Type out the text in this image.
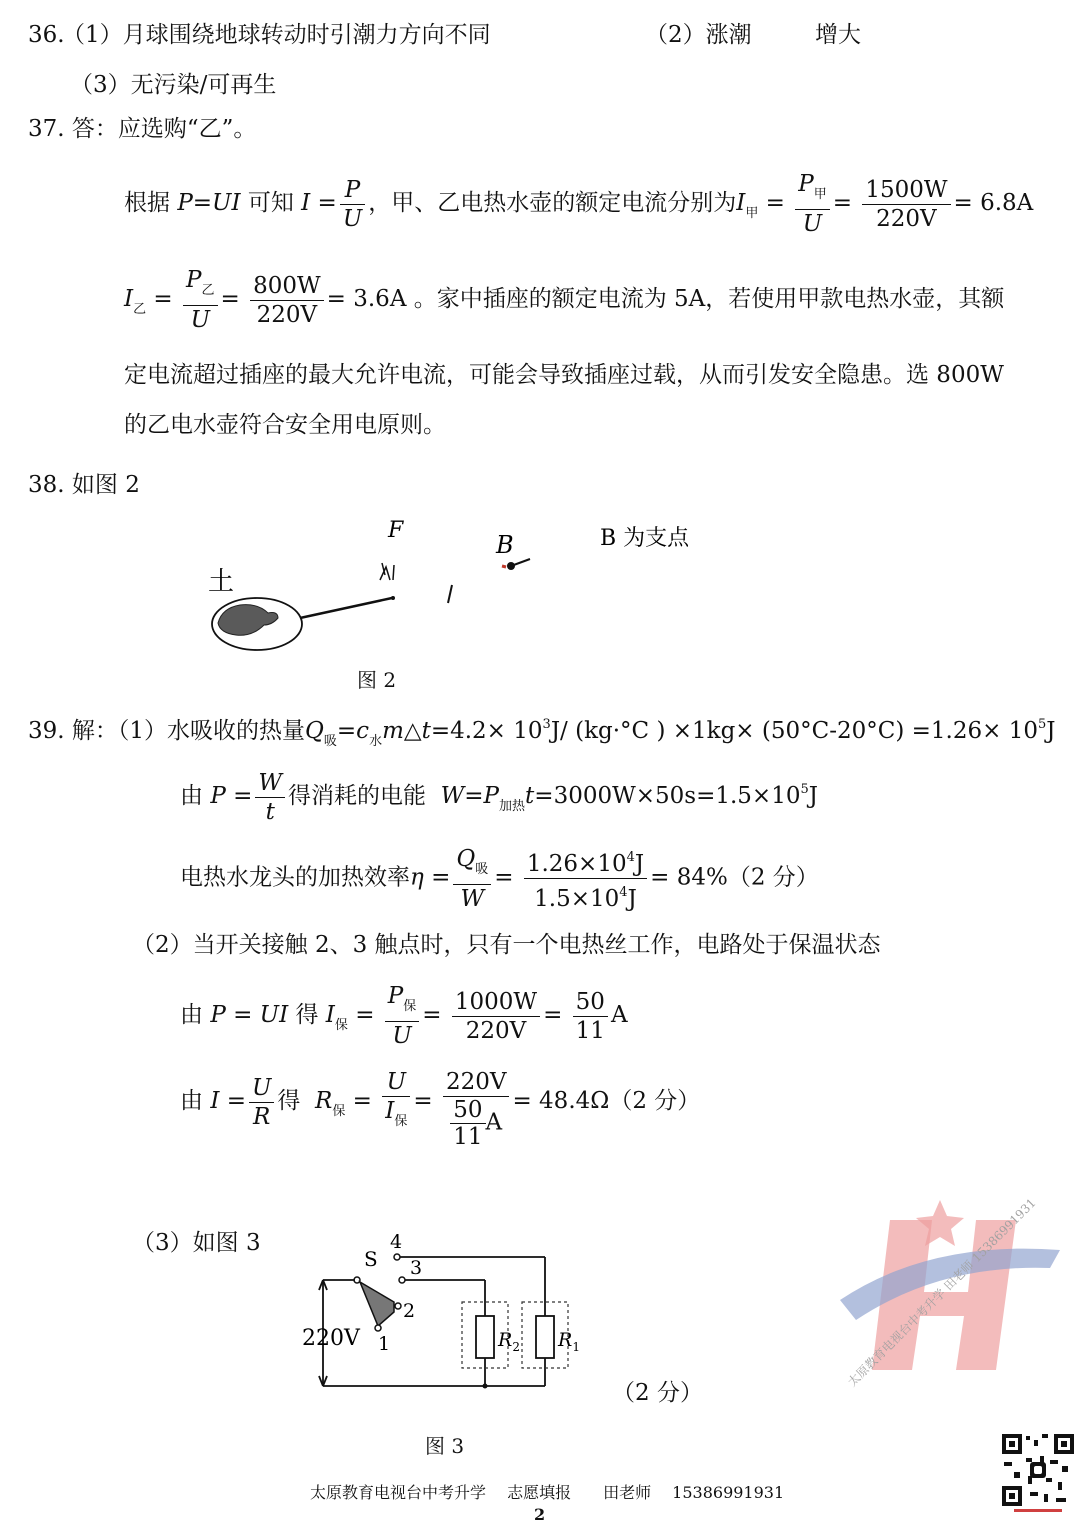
36.
（1）月球围绕地球转动时引潮力方向不同	（2）涨潮	增大
（3）无污染/可再生
37. 答：应选购“乙”。
根据 P=UI 可知 $I = \frac{P}{U}$ ，甲、乙电热水壶的额定电流分别为$I_甲 = \frac{P_甲}{U} = \frac{1500W}{220V} = 6.8A$
$I_乙 = \frac{P_乙}{U} = \frac{800W}{220V} = 3.6A$ 。家中插座的额定电流为 5A，若使用甲款电热水壶，其额
定电流超过插座的最大允许电流，可能会导致插座过载，从而引发安全隐患。选 800W
的乙电水壶符合安全用电原则。
38. 如图 2
F
B	B 为支点
土
图 2
39. 解：（1）水吸收的热量$Q_吸=c_水m\triangle t=4.2\times 10^3J/$ (kg·°C ) $\times 1kg\times (50^\circ C-20^\circ C) =1.26\times 10^5J$
由 $P = \frac{W}{t}$ 得消耗的电能 $W=P_{加热}t=3000W\times 50s=1.5\times 10^5J$
电热水龙头的加热效率$\eta = \frac{Q_吸}{W} = \frac{1.26\times 10^4J}{1.5\times 10^4J} = 84\%(2$ 分）
（2）当开关接触 2、3 触点时，只有一个电热丝工作，电路处于保温状态
由 P = UI 得 $I_保 = \frac{P_保}{U} = \frac{1000W}{220V} = \frac{50}{11}$ A
由 $I = \frac{U}{R}$ 得 $R_保 = \frac{U}{I_保} = \frac{220V}{\frac{50}{11} A} = 48.4\Omega(2$ 分）
（3）如图 3
220V
S
4
3
2
1	$R_2$ $R_1$
（2 分）
图 3
太原教育电视台中考升学 田老师 15386991931
太原教育电视台中考升学　 志愿填报　　田老师　 15386991931
2
